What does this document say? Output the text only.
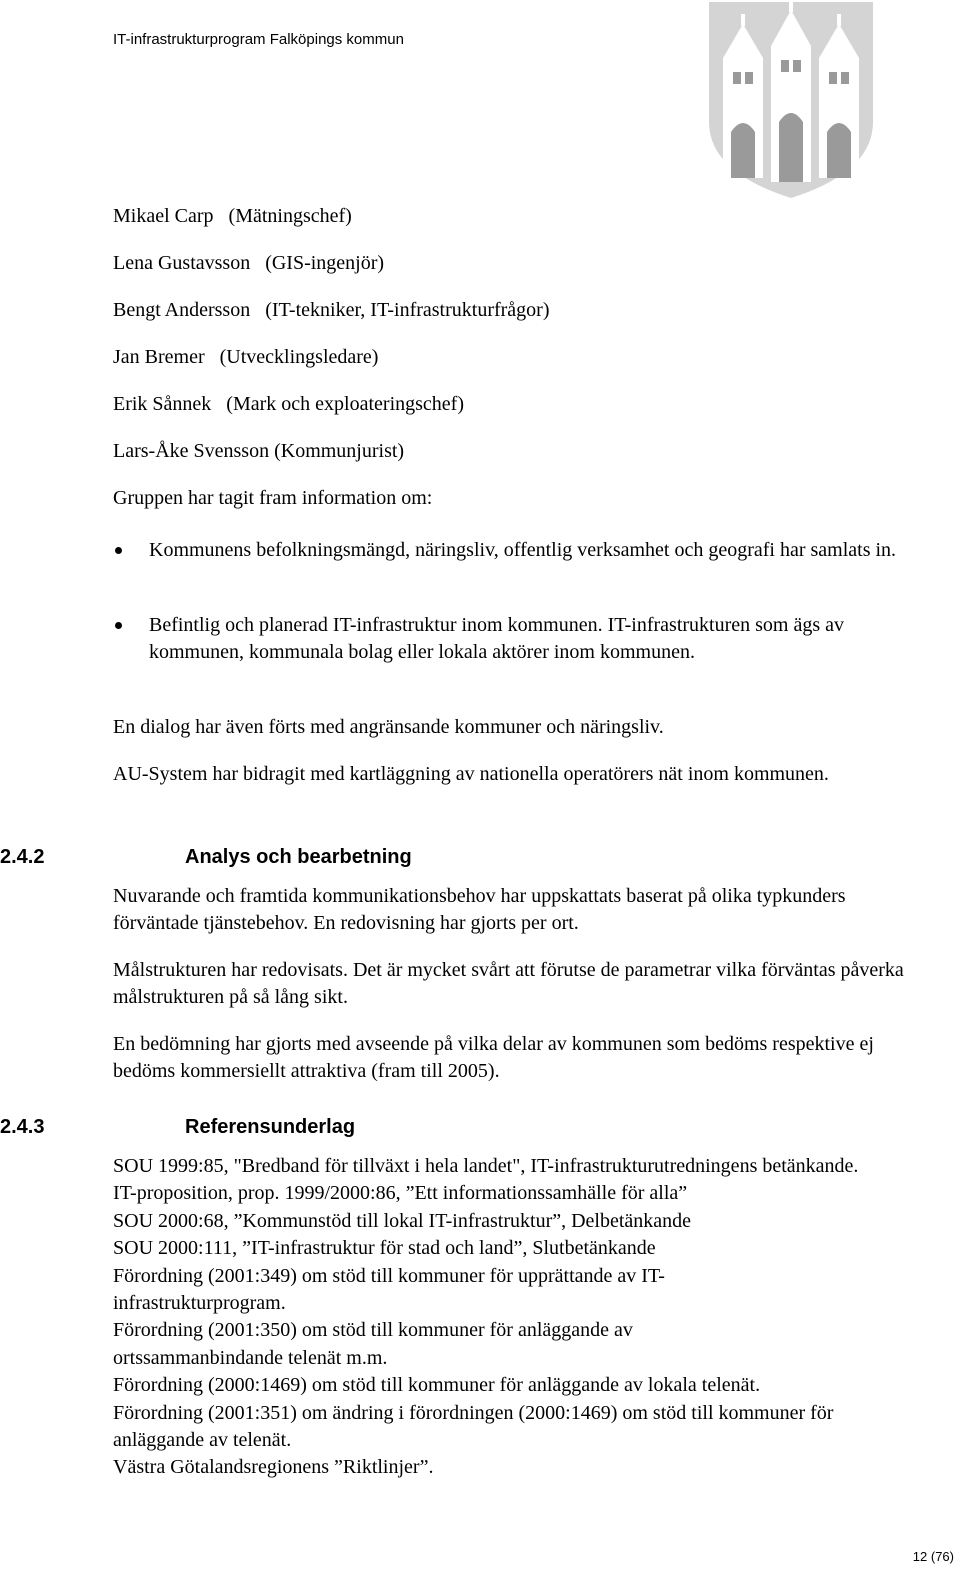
IT-infrastrukturprogram Falköpings kommun
Mikael Carp   (Mätningschef)
Lena Gustavsson   (GIS-ingenjör)
Bengt Andersson   (IT-tekniker, IT-infrastrukturfrågor)
Jan Bremer   (Utvecklingsledare)
Erik Sånnek   (Mark och exploateringschef)
Lars-Åke Svensson (Kommunjurist)
Gruppen har tagit fram information om:
Kommunens befolkningsmängd, näringsliv, offentlig verksamhet och geografi har samlats in.
Befintlig och planerad IT-infrastruktur inom kommunen. IT-infrastrukturen som ägs av kommunen, kommunala bolag eller lokala aktörer inom kommunen.
En dialog har även förts med angränsande kommuner och näringsliv.
AU-System har bidragit med kartläggning av nationella operatörers nät inom kommunen.
2.4.2	Analys och bearbetning
Nuvarande och framtida kommunikationsbehov har uppskattats baserat på olika typkunders förväntade tjänstebehov. En redovisning har gjorts per ort.
Målstrukturen har redovisats. Det är mycket svårt att förutse de parametrar vilka förväntas påverka målstrukturen på så lång sikt.
En bedömning har gjorts med avseende på vilka delar av kommunen som bedöms respektive ej bedöms kommersiellt attraktiva (fram till 2005).
2.4.3	Referensunderlag

SOU 1999:85, "Bredband för tillväxt i hela landet", IT-infrastrukturutredningens betänkande.

IT-proposition, prop. 1999/2000:86, ”Ett informationssamhälle för alla”

SOU 2000:68, ”Kommunstöd till lokal IT-infrastruktur”, Delbetänkande

SOU 2000:111, ”IT-infrastruktur för stad och land”, Slutbetänkande

Förordning (2001:349) om stöd till kommuner för upprättande av IT-infrastrukturprogram.

Förordning (2001:350) om stöd till kommuner för anläggande av ortssammanbindande telenät m.m.

Förordning (2000:1469) om stöd till kommuner för anläggande av lokala telenät.

Förordning (2001:351) om ändring i förordningen (2000:1469) om stöd till kommuner för anläggande av telenät.

Västra Götalandsregionens ”Riktlinjer”.

12 (76)
